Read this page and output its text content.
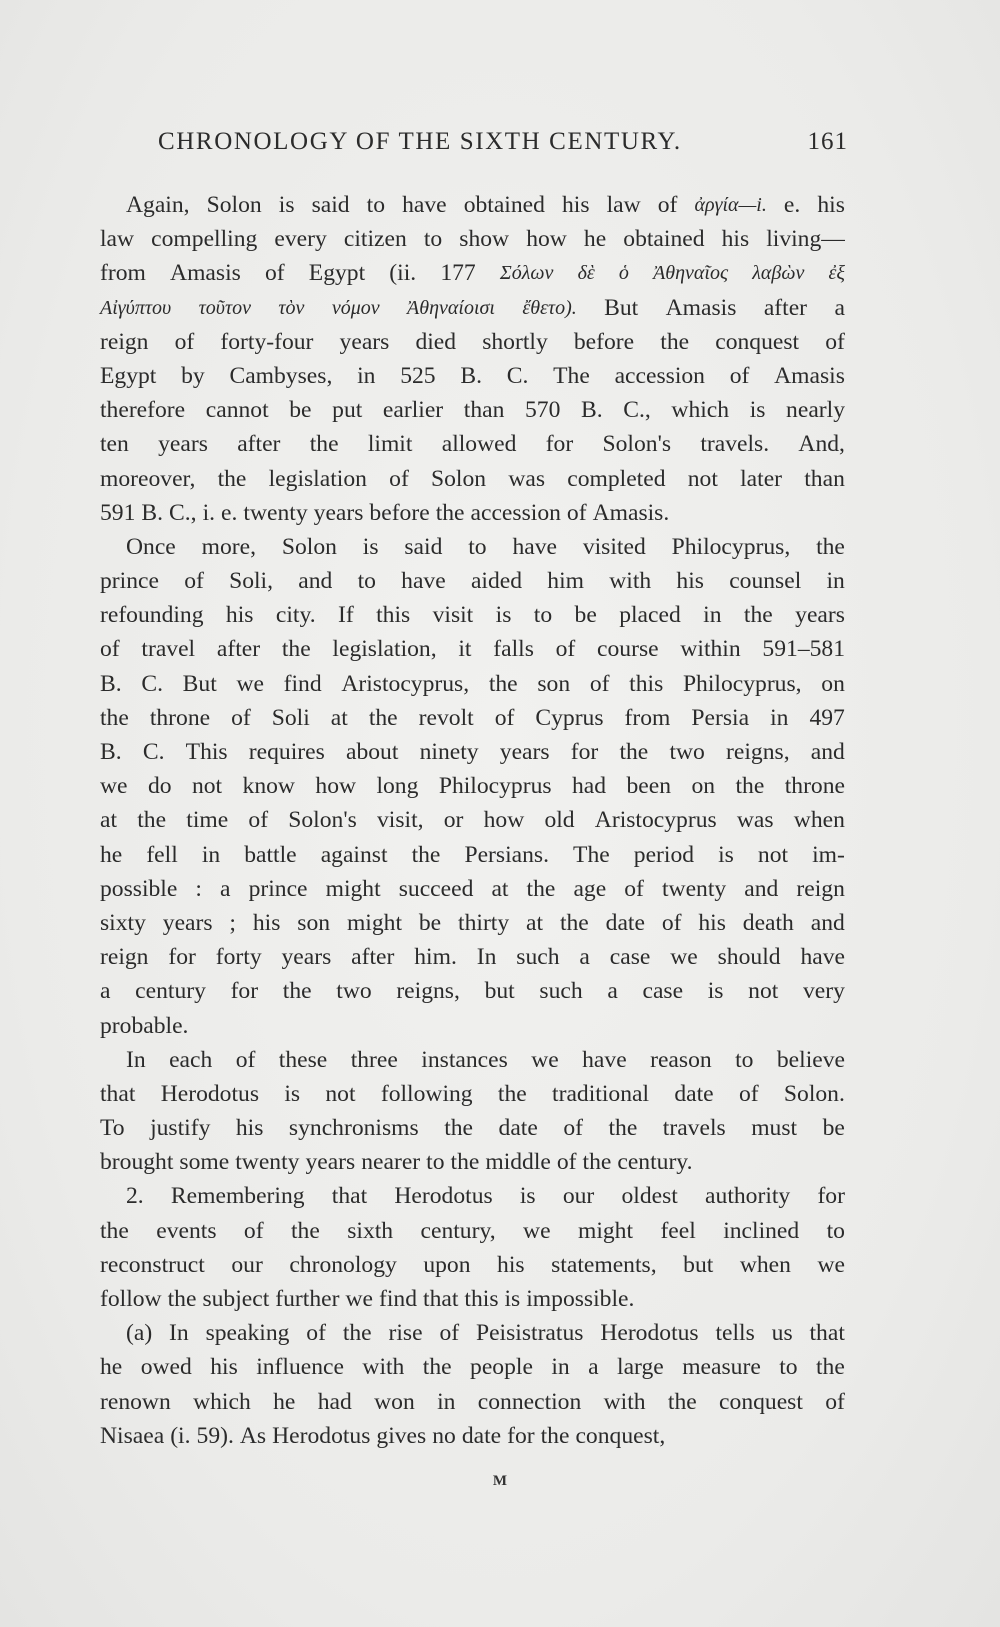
CHRONOLOGY OF THE SIXTH CENTURY.	161
Again, Solon is said to have obtained his law of ἀργία—i. e. his
law compelling every citizen to show how he obtained his living—
from Amasis of Egypt (ii. 177 Σόλων δὲ ὁ Ἀθηναῖος λαβὼν ἐξ
Αἰγύπτου τοῦτον τὸν νόμον Ἀθηναίοισι ἔθετο). But Amasis after a
reign of forty-four years died shortly before the conquest of
Egypt by Cambyses, in 525 B. C. The accession of Amasis
therefore cannot be put earlier than 570 B. C., which is nearly
ten years after the limit allowed for Solon's travels. And,
moreover, the legislation of Solon was completed not later than
591 B. C., i. e. twenty years before the accession of Amasis.
Once more, Solon is said to have visited Philocyprus, the
prince of Soli, and to have aided him with his counsel in
refounding his city. If this visit is to be placed in the years
of travel after the legislation, it falls of course within 591–581
B. C. But we find Aristocyprus, the son of this Philocyprus, on
the throne of Soli at the revolt of Cyprus from Persia in 497
B. C. This requires about ninety years for the two reigns, and
we do not know how long Philocyprus had been on the throne
at the time of Solon's visit, or how old Aristocyprus was when
he fell in battle against the Persians. The period is not im-
possible : a prince might succeed at the age of twenty and reign
sixty years ; his son might be thirty at the date of his death and
reign for forty years after him. In such a case we should have
a century for the two reigns, but such a case is not very
probable.
In each of these three instances we have reason to believe
that Herodotus is not following the traditional date of Solon.
To justify his synchronisms the date of the travels must be
brought some twenty years nearer to the middle of the century.
2. Remembering that Herodotus is our oldest authority for
the events of the sixth century, we might feel inclined to
reconstruct our chronology upon his statements, but when we
follow the subject further we find that this is impossible.
(a) In speaking of the rise of Peisistratus Herodotus tells us that
he owed his influence with the people in a large measure to the
renown which he had won in connection with the conquest of
Nisaea (i. 59). As Herodotus gives no date for the conquest,
M
